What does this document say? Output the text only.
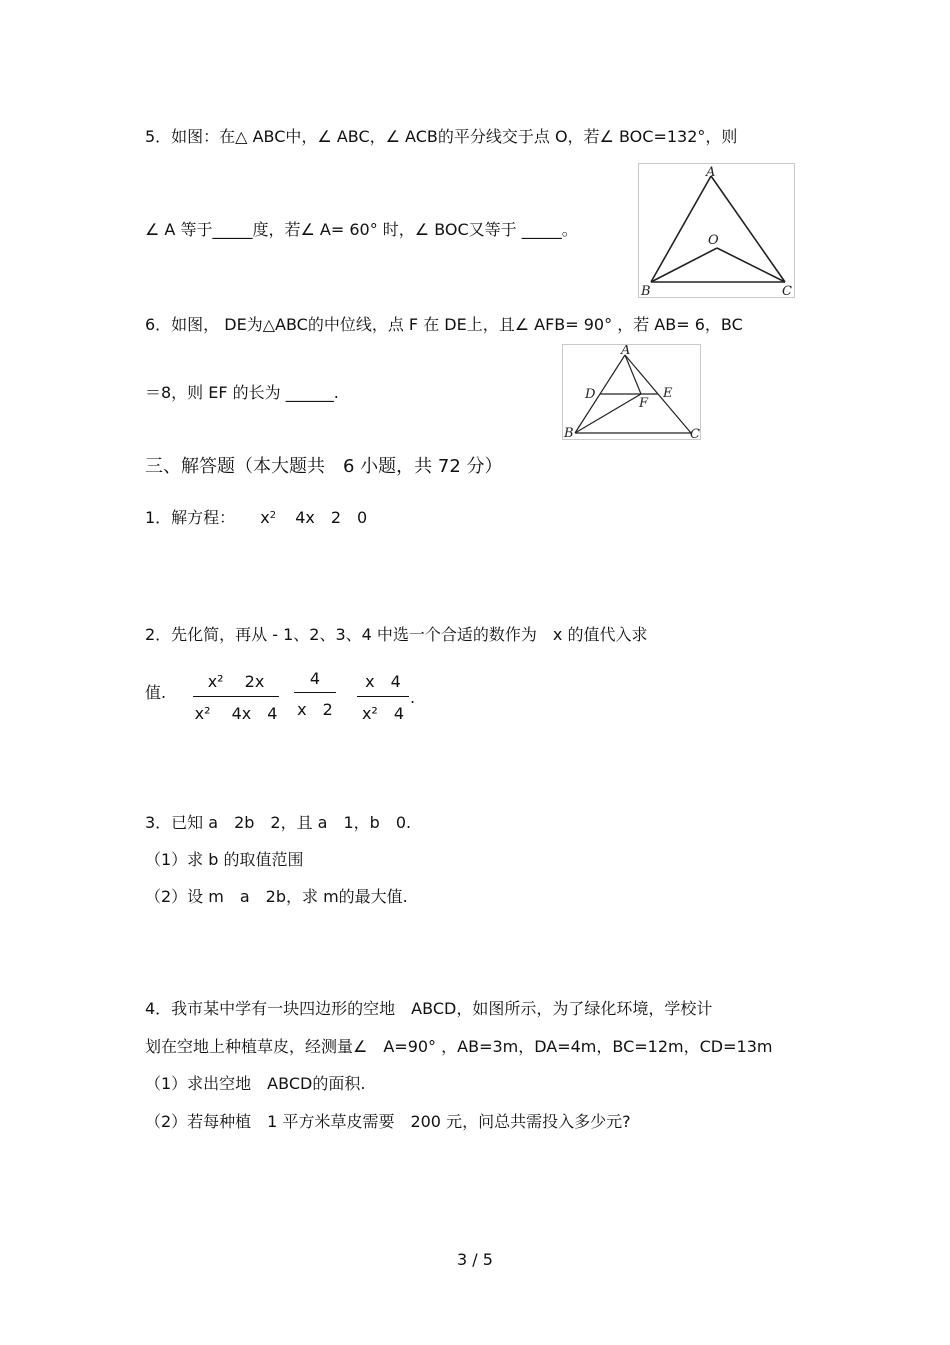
5．如图：在△ ABC中，∠ ABC，∠ ACB的平分线交于点 O，若∠ BOC=132°，则
∠ A 等于_____度，若∠ A= 60° 时，∠ BOC又等于 _____。
A
O
B	C
6．如图， DE为△ABC的中位线，点 F 在 DE上，且∠ AFB= 90° ，若 AB= 6，BC
＝8，则 EF 的长为 ______.
A
D	E
F
B	C
三、解答题（本大题共　6 小题，共 72 分）
1．解方程： $x^2$ 4x　2　0
2．先化简，再从 - 1、2、3、4 中选一个合适的数作为　x 的值代入求
值.
x² 　2x
x² 　4x　4
4
x　2
x　4
x²　4
.
3．已知 a　2b　2，且 a　1，b　0.
（1）求 b 的取值范围
（2）设 m　a　2b，求 m的最大值.
4．我市某中学有一块四边形的空地　ABCD，如图所示，为了绿化环境，学校计
划在空地上种植草皮，经测量∠　A=90° ，AB=3m，DA=4m，BC=12m，CD=13m
（1）求出空地　ABCD的面积.
（2）若每种植　1 平方米草皮需要　200 元，问总共需投入多少元?
3 / 5
